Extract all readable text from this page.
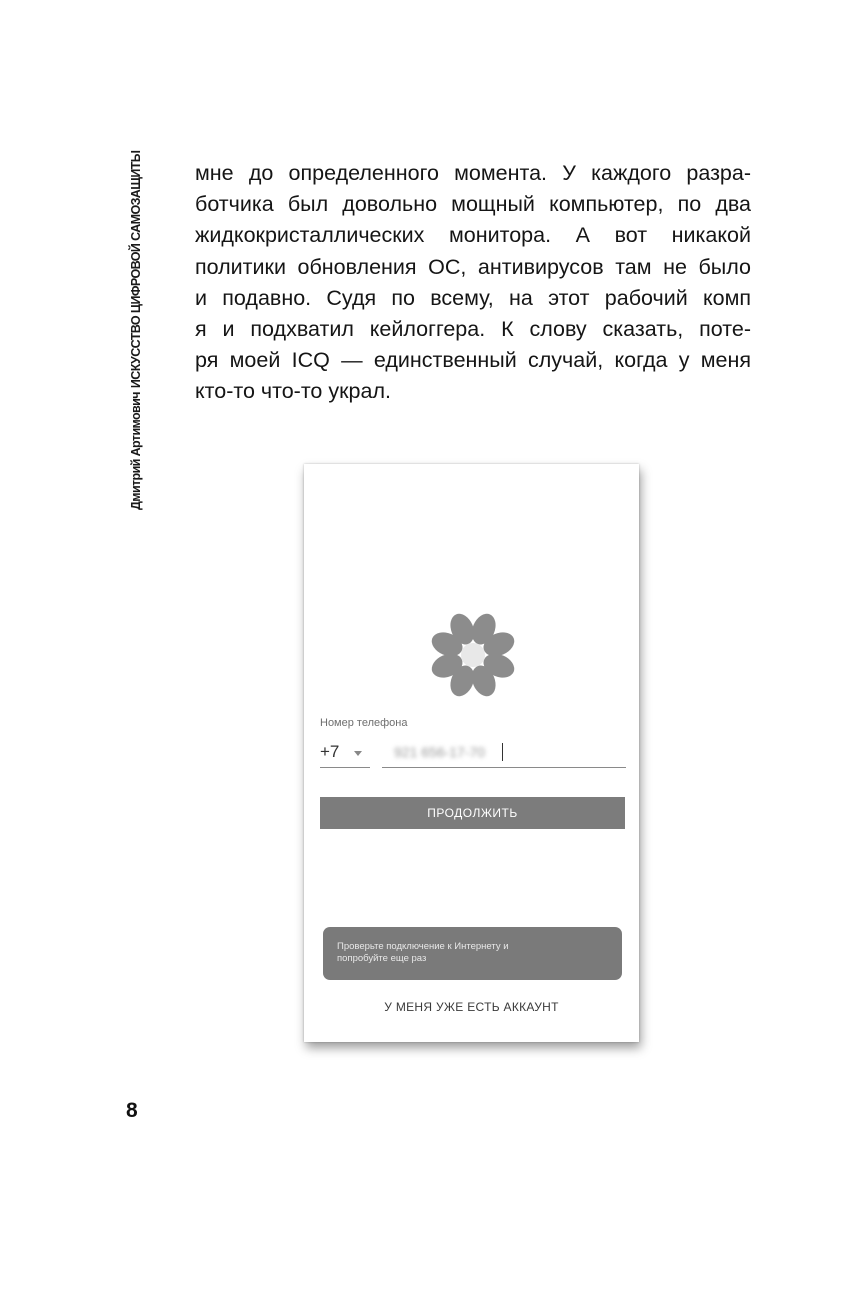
Дмитрий АртимовичИСКУССТВО ЦИФРОВОЙ САМОЗАЩИТЫ мне до определенного момента. У каждого разра-
ботчика был довольно мощный компьютер, по два
жидкокристаллических монитора. А вот никакой
политики обновления ОС, антивирусов там не было
и подавно. Судя по всему, на этот рабочий комп
я и подхватил кейлоггера. К слову сказать, поте-
ря моей ICQ — единственный случай, когда у меня
кто-то что-то украл.
Номер телефона
+7	921 656-17-70
ПРОДОЛЖИТЬ
Проверьте подключение к Интернету и
попробуйте еще раз
У МЕНЯ УЖЕ ЕСТЬ АККАУНТ
8
